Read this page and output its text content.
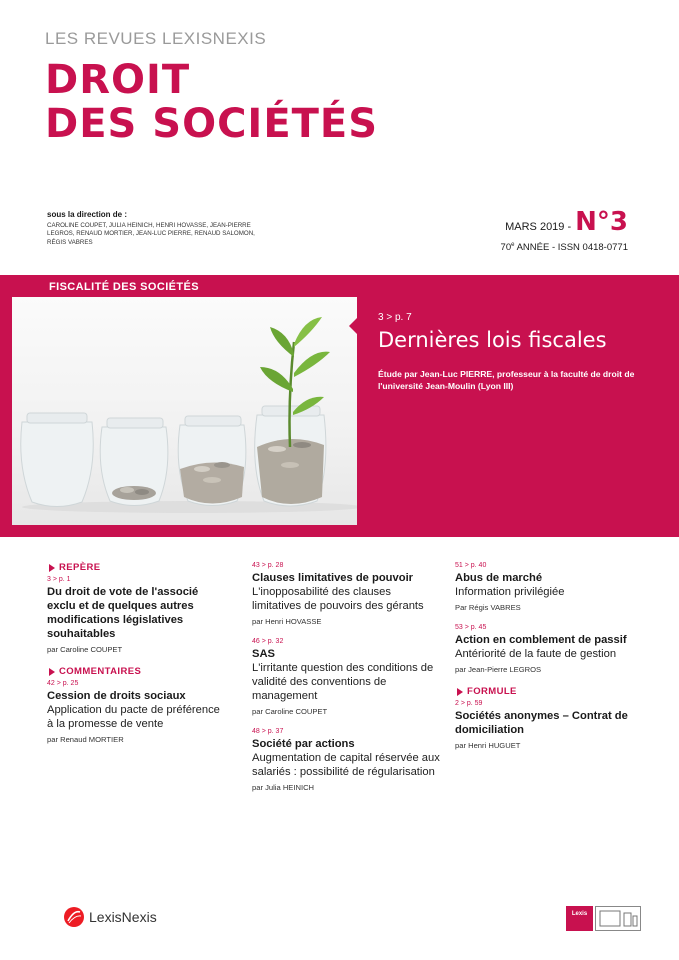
LES REVUES LEXISNEXIS
DROIT
DES SOCIÉTÉS
sous la direction de :
CAROLINE COUPET, JULIA HEINICH, HENRI HOVASSE, JEAN-PIERRE LEGROS, RENAUD MORTIER, JEAN-LUC PIERRE, RENAUD SALOMON, RÉGIS VABRES
MARS 2019 - N°3
70e ANNÉE - ISSN 0418-0771
FISCALITÉ DES SOCIÉTÉS
3 > p. 7
Dernières lois fiscales
Étude par Jean-Luc PIERRE, professeur à la faculté de droit de l'université Jean-Moulin (Lyon III)
REPÈRE
3 > p. 1
Du droit de vote de l'associé exclu et de quelques autres modifications législatives souhaitables
par Caroline COUPET
COMMENTAIRES
42 > p. 25
Cession de droits sociaux
Application du pacte de préférence à la promesse de vente
par Renaud MORTIER
43 > p. 28
Clauses limitatives de pouvoir
L'inopposabilité des clauses limitatives de pouvoirs des gérants
par Henri HOVASSE
46 > p. 32
SAS
L'irritante question des conditions de validité des conventions de management
par Caroline COUPET
48 > p. 37
Société par actions
Augmentation de capital réservée aux salariés : possibilité de régularisation
par Julia HEINICH
51 > p. 40
Abus de marché
Information privilégiée
Par Régis VABRES
53 > p. 45
Action en comblement de passif
Antériorité de la faute de gestion
par Jean-Pierre LEGROS
FORMULE
2 > p. 59
Sociétés anonymes – Contrat de domiciliation
par Henri HUGUET
LexisNexis	Lexis
